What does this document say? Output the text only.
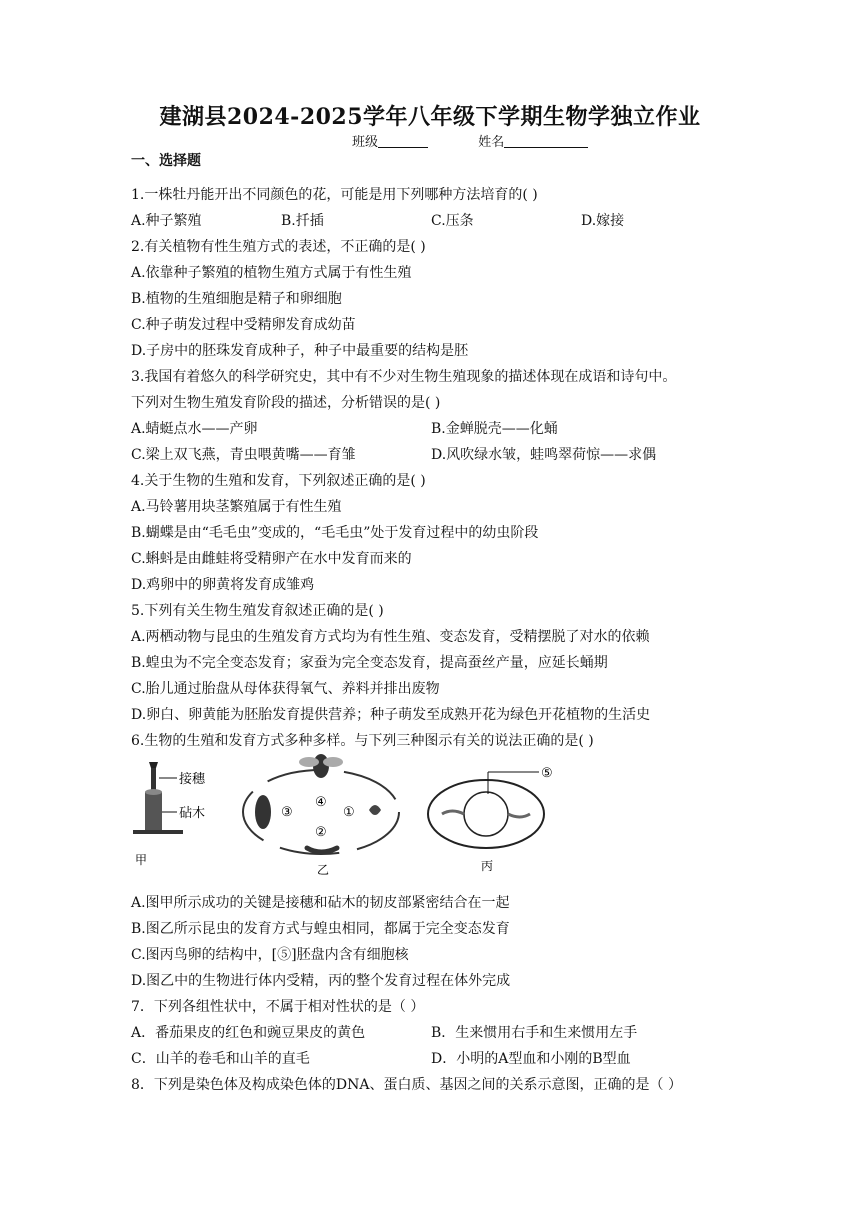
建湖县2024-2025学年八年级下学期生物学独立作业
班级	姓名
一、选择题
1.一株牡丹能开出不同颜色的花，可能是用下列哪种方法培育的( )
A.种子繁殖	B.扦插	C.压条	D.嫁接
2.有关植物有性生殖方式的表述，不正确的是( )
A.依靠种子繁殖的植物生殖方式属于有性生殖
B.植物的生殖细胞是精子和卵细胞
C.种子萌发过程中受精卵发育成幼苗
D.子房中的胚珠发育成种子，种子中最重要的结构是胚
3.我国有着悠久的科学研究史，其中有不少对生物生殖现象的描述体现在成语和诗句中。
下列对生物生殖发育阶段的描述，分析错误的是( )
A.蜻蜓点水——产卵	B.金蝉脱壳——化蛹
C.梁上双飞燕，青虫喂黄嘴——育雏	D.风吹绿水皱，蛙鸣翠荷惊——求偶
4.关于生物的生殖和发育，下列叙述正确的是( )
A.马铃薯用块茎繁殖属于有性生殖
B.蝴蝶是由“毛毛虫”变成的，“毛毛虫”处于发育过程中的幼虫阶段
C.蝌蚪是由雌蛙将受精卵产在水中发育而来的
D.鸡卵中的卵黄将发育成雏鸡
5.下列有关生物生殖发育叙述正确的是( )
A.两栖动物与昆虫的生殖发育方式均为有性生殖、变态发育，受精摆脱了对水的依赖
B.蝗虫为不完全变态发育；家蚕为完全变态发育，提高蚕丝产量，应延长蛹期
C.胎儿通过胎盘从母体获得氧气、养料并排出废物
D.卵白、卵黄能为胚胎发育提供营养；种子萌发至成熟开花为绿色开花植物的生活史
6.生物的生殖和发育方式多种多样。与下列三种图示有关的说法正确的是( )
接穗
砧木
甲
④
③	①
②
乙
⑤
丙
A.图甲所示成功的关键是接穗和砧木的韧皮部紧密结合在一起
B.图乙所示昆虫的发育方式与蝗虫相同，都属于完全变态发育
C.图丙鸟卵的结构中，[⑤]胚盘内含有细胞核
D.图乙中的生物进行体内受精，丙的整个发育过程在体外完成
7．下列各组性状中，不属于相对性状的是（ ）
A．番茄果皮的红色和豌豆果皮的黄色	B．生来惯用右手和生来惯用左手
C．山羊的卷毛和山羊的直毛	D．小明的A型血和小刚的B型血
8．下列是染色体及构成染色体的DNA、蛋白质、基因之间的关系示意图，正确的是（ ）
